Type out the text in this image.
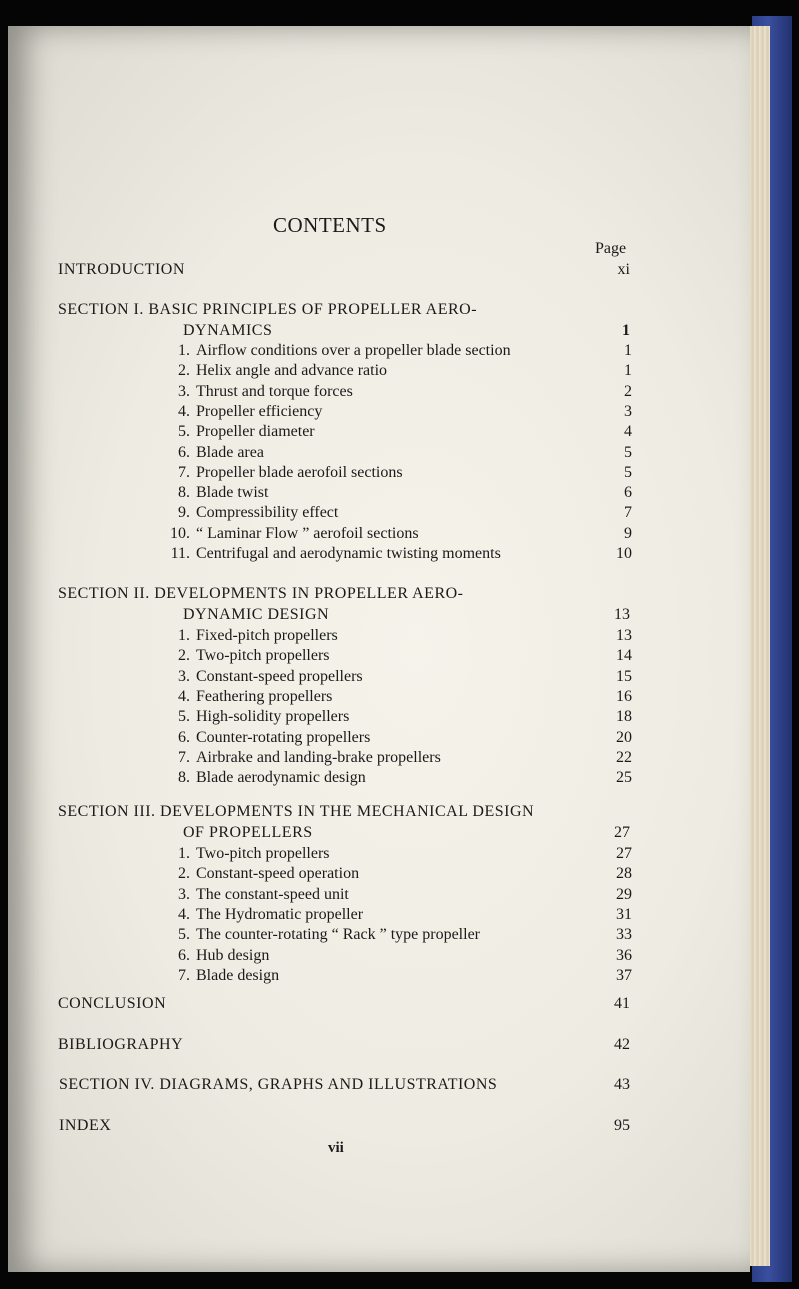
CONTENTS
Page
INTRODUCTION	xi
SECTION I. BASIC PRINCIPLES OF PROPELLER AERO-
DYNAMICS	1
1. Airflow conditions over a propeller blade section	1
2. Helix angle and advance ratio	1
3. Thrust and torque forces	2
4. Propeller efficiency	3
5. Propeller diameter	4
6. Blade area	5
7. Propeller blade aerofoil sections	5
8. Blade twist	6
9. Compressibility effect	7
10. “ Laminar Flow ” aerofoil sections	9
11. Centrifugal and aerodynamic twisting moments	10
SECTION II. DEVELOPMENTS IN PROPELLER AERO-
DYNAMIC DESIGN	13
1. Fixed-pitch propellers	13
2. Two-pitch propellers	14
3. Constant-speed propellers	15
4. Feathering propellers	16
5. High-solidity propellers	18
6. Counter-rotating propellers	20
7. Airbrake and landing-brake propellers	22
8. Blade aerodynamic design	25
SECTION III. DEVELOPMENTS IN THE MECHANICAL DESIGN
OF PROPELLERS	27
1. Two-pitch propellers	27
2. Constant-speed operation	28
3. The constant-speed unit	29
4. The Hydromatic propeller	31
5. The counter-rotating “ Rack ” type propeller	33
6. Hub design	36
7. Blade design	37
CONCLUSION	41
BIBLIOGRAPHY	42
SECTION IV. DIAGRAMS, GRAPHS AND ILLUSTRATIONS	43
INDEX	95
vii
